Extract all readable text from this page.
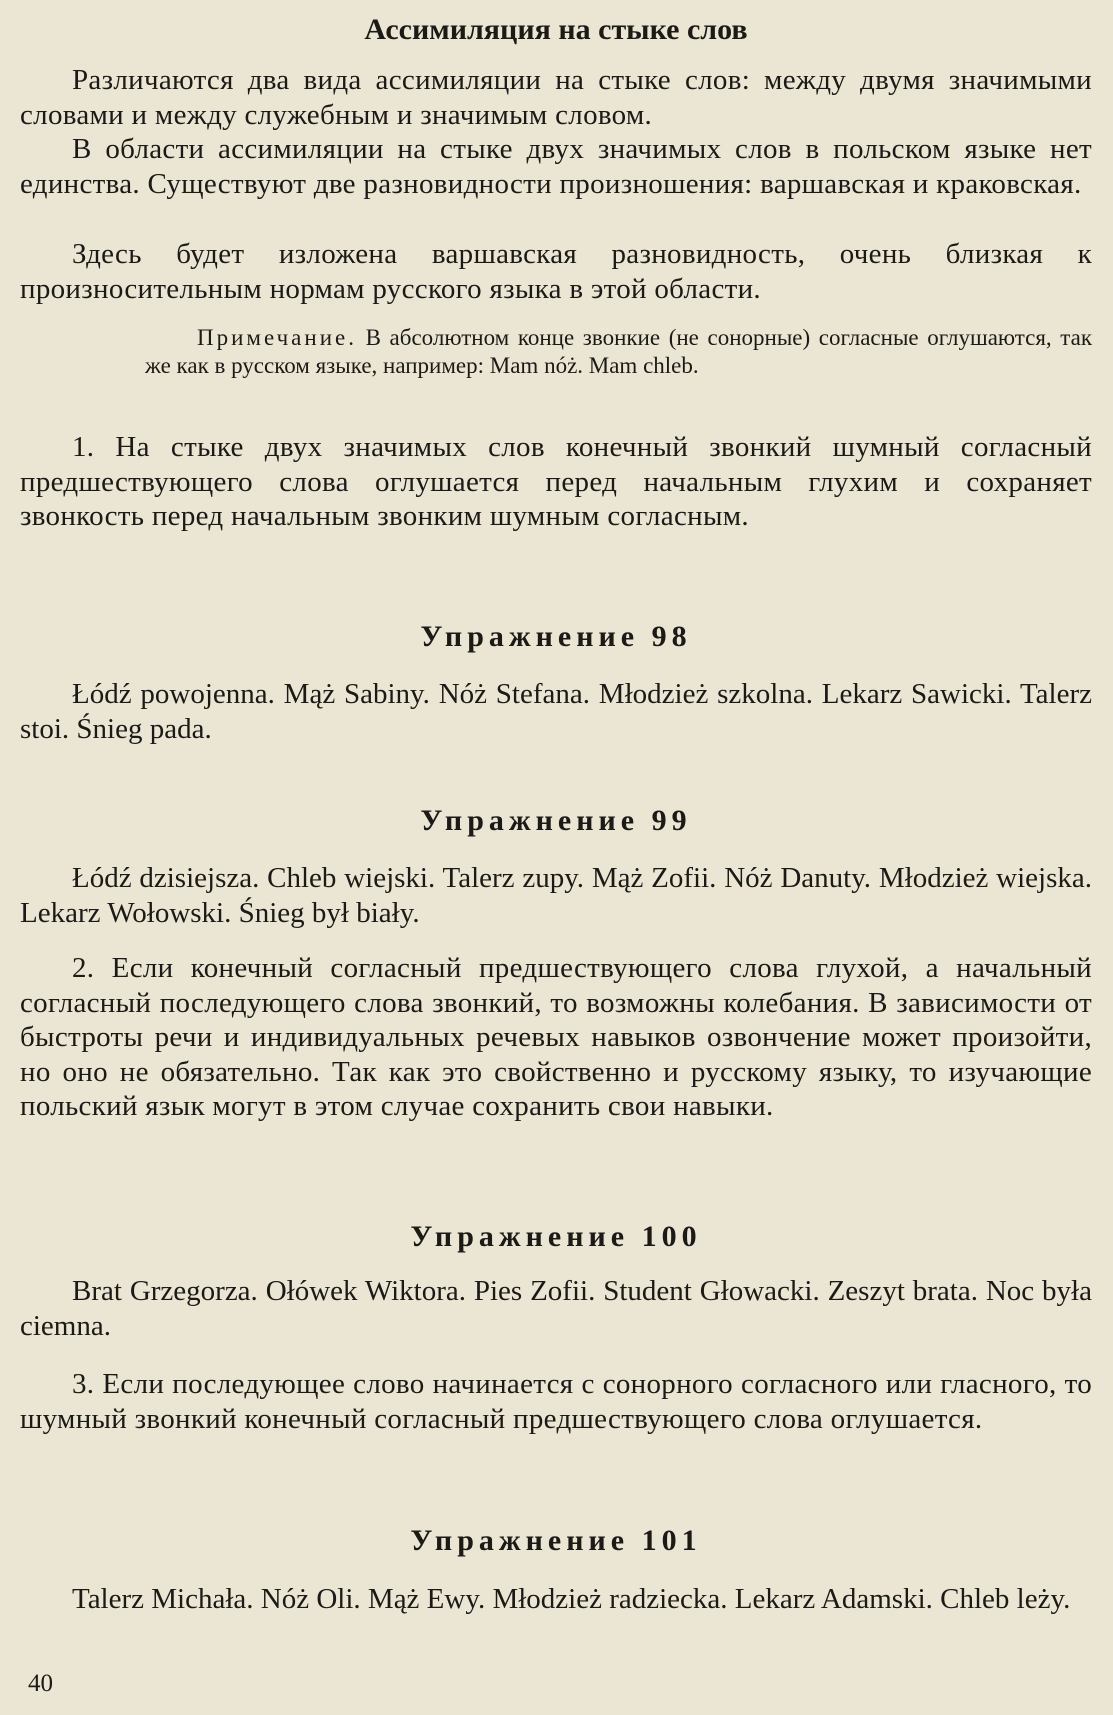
Ассимиляция на стыке слов

Различаются два вида ассимиляции на стыке слов: между двумя значимыми словами и между служебным и значимым словом.

В области ассимиляции на стыке двух значимых слов в польском языке нет единства. Существуют две разновидности произношения: варшавская и краковская.

Здесь будет изложена варшавская разновидность, очень близкая к произносительным нормам русского языка в этой области.

Примечание. В абсолютном конце звонкие (не сонорные) согласные оглушаются, так же как в русском языке, например: Mam nóż. Mam chleb.

1. На стыке двух значимых слов конечный звонкий шумный согласный предшествующего слова оглушается перед начальным глухим и сохраняет звонкость перед начальным звонким шумным согласным.

Упражнение 98

Łódź powojenna. Mąż Sabiny. Nóż Stefana. Młodzież szkolna. Lekarz Sawicki. Talerz stoi. Śnieg pada.

Упражнение 99

Łódź dzisiejsza. Chleb wiejski. Talerz zupy. Mąż Zofii. Nóż Danuty. Młodzież wiejska. Lekarz Wołowski. Śnieg był biały.

2. Если конечный согласный предшествующего слова глухой, а начальный согласный последующего слова звонкий, то возможны колебания. В зависимости от быстроты речи и индивидуальных речевых навыков озвончение может произойти, но оно не обязательно. Так как это свойственно и русскому языку, то изучающие польский язык могут в этом случае сохранить свои навыки.

Упражнение 100

Brat Grzegorza. Ołówek Wiktora. Pies Zofii. Student Głowacki. Zeszyt brata. Noc była ciemna.

3. Если последующее слово начинается с сонорного согласного или гласного, то шумный звонкий конечный согласный предшествующего слова оглушается.

Упражнение 101

Talerz Michała. Nóż Oli. Mąż Ewy. Młodzież radziecka. Lekarz Adamski. Chleb leży.

40
